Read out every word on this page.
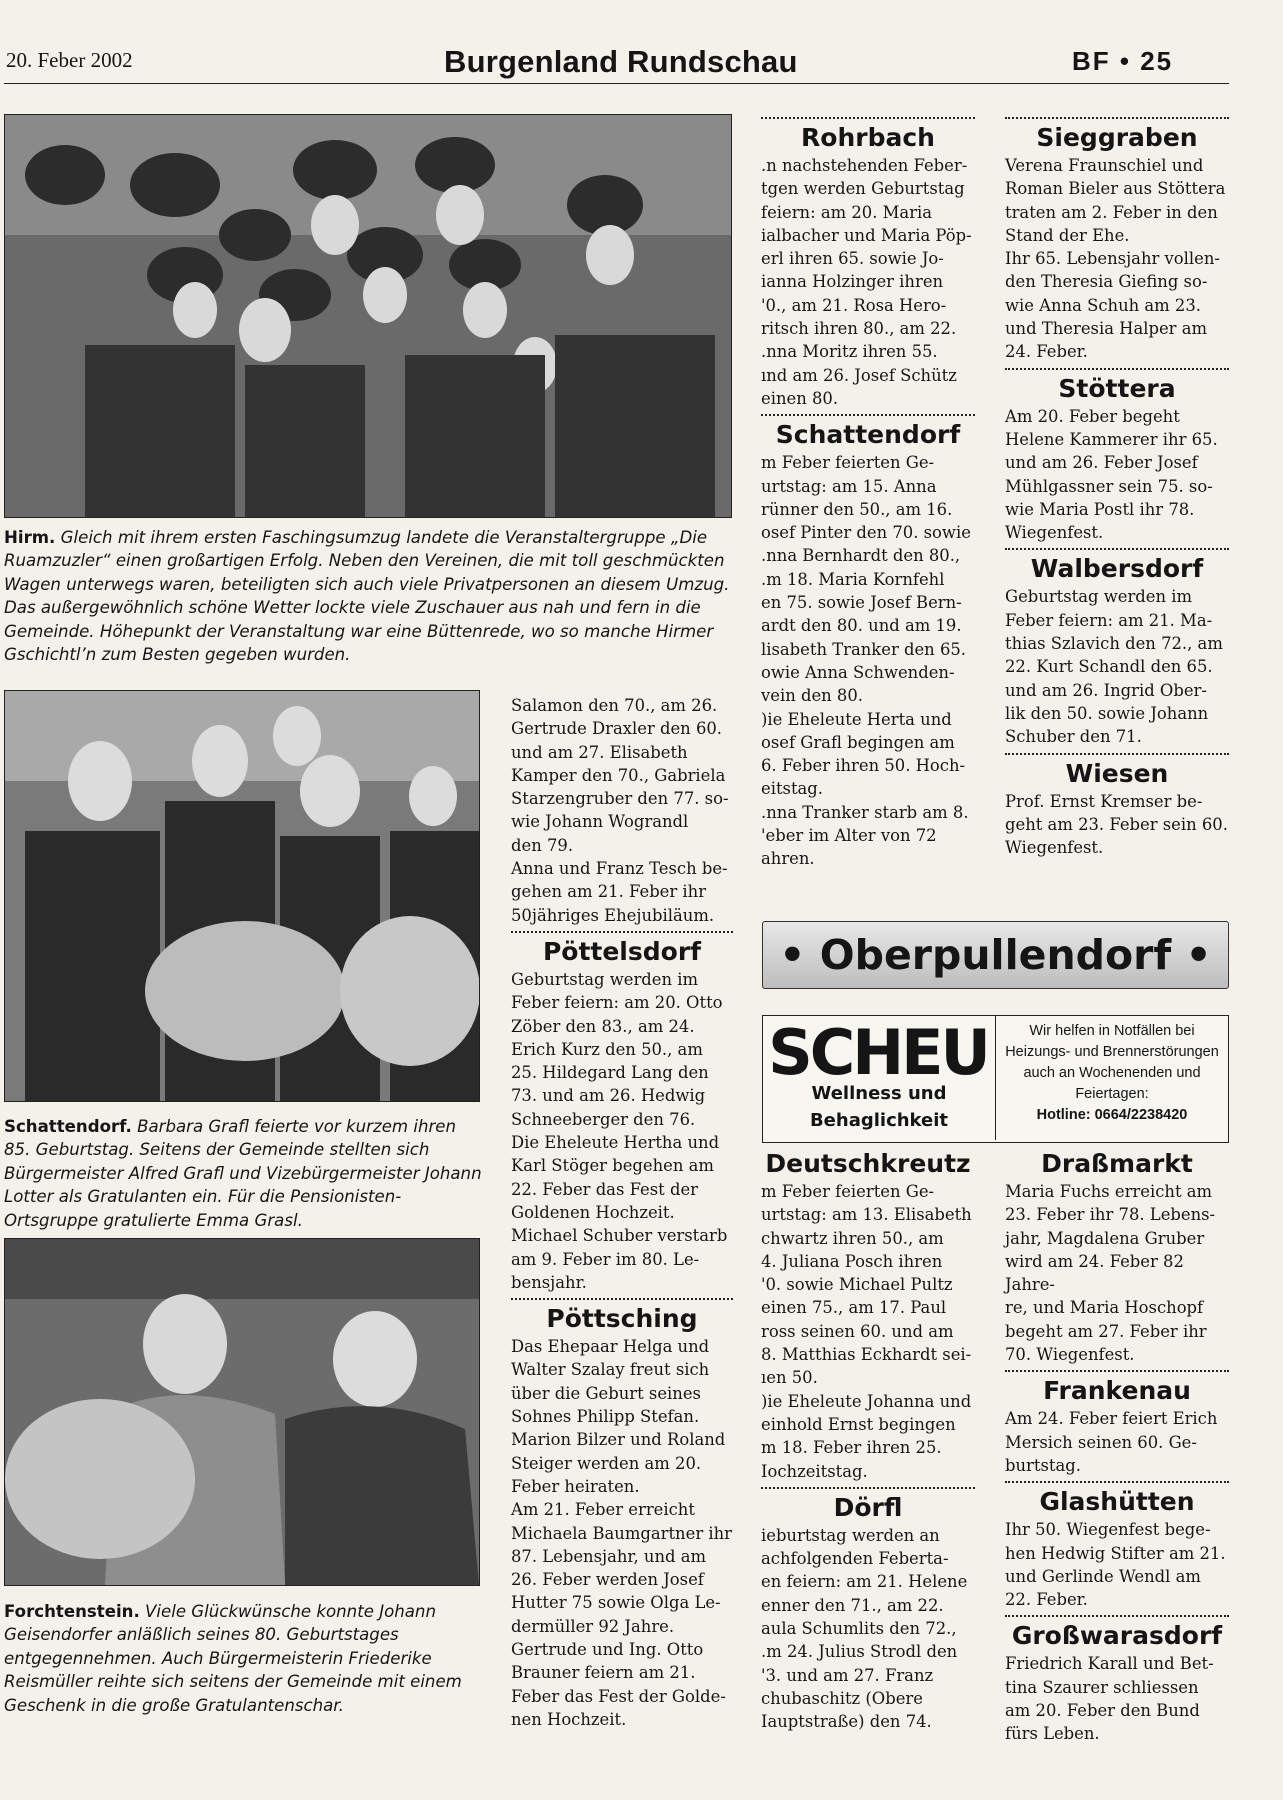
20. Feber 2002	Burgenland Rundschau	BF • 25
Hirm. Gleich mit ihrem ersten Faschingsumzug landete die Veranstaltergruppe „Die Ruamzuzler“ einen großartigen Erfolg. Neben den Vereinen, die mit toll geschmückten Wagen unterwegs waren, beteiligten sich auch viele Privatpersonen an diesem Umzug. Das außergewöhnlich schöne Wetter lockte viele Zuschauer aus nah und fern in die Gemeinde. Höhepunkt der Veranstaltung war eine Büttenrede, wo so manche Hirmer Gschichtl’n zum Besten gegeben wurden.
Schattendorf. Barbara Grafl feierte vor kurzem ihren 85. Geburtstag. Seitens der Gemeinde stellten sich Bürgermeister Alfred Grafl und Vizebürgermeister Johann Lotter als Gratulanten ein. Für die Pensionisten-Ortsgruppe gratulierte Emma Grasl.
Forchtenstein. Viele Glückwünsche konnte Johann Geisendorfer anläßlich seines 80. Geburtstages entgegennehmen. Auch Bürgermeisterin Friederike Reismüller reihte sich seitens der Gemeinde mit einem Geschenk in die große Gratulantenschar.

Salamon den 70., am 26.

Gertrude Draxler den 60.

und am 27. Elisabeth

Kamper den 70., Gabriela

Starzengruber den 77. so-

wie Johann Wograndl

den 79.

Anna und Franz Tesch be-

gehen am 21. Feber ihr

50jähriges Ehejubiläum.

Pöttelsdorf

Geburtstag werden im

Feber feiern: am 20. Otto

Zöber den 83., am 24.

Erich Kurz den 50., am

25. Hildegard Lang den

73. und am 26. Hedwig

Schneeberger den 76.

Die Eheleute Hertha und

Karl Stöger begehen am

22. Feber das Fest der

Goldenen Hochzeit.

Michael Schuber verstarb

am 9. Feber im 80. Le-

bensjahr.

Pöttsching

Das Ehepaar Helga und

Walter Szalay freut sich

über die Geburt seines

Sohnes Philipp Stefan.

Marion Bilzer und Roland

Steiger werden am 20.

Feber heiraten.

Am 21. Feber erreicht

Michaela Baumgartner ihr

87. Lebensjahr, und am

26. Feber werden Josef

Hutter 75 sowie Olga Le-

dermüller 92 Jahre.

Gertrude und Ing. Otto

Brauner feiern am 21.

Feber das Fest der Golde-

nen Hochzeit.

Rohrbach

.n nachstehenden Feber-

tgen werden Geburtstag

feiern: am 20. Maria

ialbacher und Maria Pöp-

erl ihren 65. sowie Jo-

ianna Holzinger ihren

'0., am 21. Rosa Hero-

ritsch ihren 80., am 22.

.nna Moritz ihren 55.

ınd am 26. Josef Schütz

einen 80.

Schattendorf

m Feber feierten Ge-

urtstag: am 15. Anna

rünner den 50., am 16.

osef Pinter den 70. sowie

.nna Bernhardt den 80.,

.m 18. Maria Kornfehl

en 75. sowie Josef Bern-

ardt den 80. und am 19.

lisabeth Tranker den 65.

owie Anna Schwenden-

vein den 80.

)ie Eheleute Herta und

osef Grafl begingen am

6. Feber ihren 50. Hoch-

eitstag.

.nna Tranker starb am 8.

'eber im Alter von 72

ahren.

Sieggraben

Verena Fraunschiel und

Roman Bieler aus Stöttera

traten am 2. Feber in den

Stand der Ehe.

Ihr 65. Lebensjahr vollen-

den Theresia Giefing so-

wie Anna Schuh am 23.

und Theresia Halper am

24. Feber.

Stöttera

Am 20. Feber begeht

Helene Kammerer ihr 65.

und am 26. Feber Josef

Mühlgassner sein 75. so-

wie Maria Postl ihr 78.

Wiegenfest.

Walbersdorf

Geburtstag werden im

Feber feiern: am 21. Ma-

thias Szlavich den 72., am

22. Kurt Schandl den 65.

und am 26. Ingrid Ober-

lik den 50. sowie Johann

Schuber den 71.

Wiesen

Prof. Ernst Kremser be-

geht am 23. Feber sein 60.

Wiegenfest.

• Oberpullendorf •
SCHEU
Wellness und
Behaglichkeit
Wir helfen in Notfällen bei Heizungs- und Brennerstörungen auch an Wochenenden und Feiertagen:
Hotline: 0664/2238420
Deutschkreutz

m Feber feierten Ge-

urtstag: am 13. Elisabeth

chwartz ihren 50., am

4. Juliana Posch ihren

'0. sowie Michael Pultz

einen 75., am 17. Paul

ross seinen 60. und am

8. Matthias Eckhardt sei-

ıen 50.

)ie Eheleute Johanna und

einhold Ernst begingen

m 18. Feber ihren 25.

Iochzeitstag.

Dörfl

ieburtstag werden an

achfolgenden Feberta-

en feiern: am 21. Helene

enner den 71., am 22.

aula Schumlits den 72.,

.m 24. Julius Strodl den

'3. und am 27. Franz

chubaschitz (Obere

Iauptstraße) den 74.

Draßmarkt

Maria Fuchs erreicht am

23. Feber ihr 78. Lebens-

jahr, Magdalena Gruber

wird am 24. Feber 82 Jahre-

re, und Maria Hoschopf

begeht am 27. Feber ihr

70. Wiegenfest.

Frankenau

Am 24. Feber feiert Erich

Mersich seinen 60. Ge-

burtstag.

Glashütten

Ihr 50. Wiegenfest bege-

hen Hedwig Stifter am 21.

und Gerlinde Wendl am

22. Feber.

Großwarasdorf

Friedrich Karall und Bet-

tina Szaurer schliessen

am 20. Feber den Bund

fürs Leben.
